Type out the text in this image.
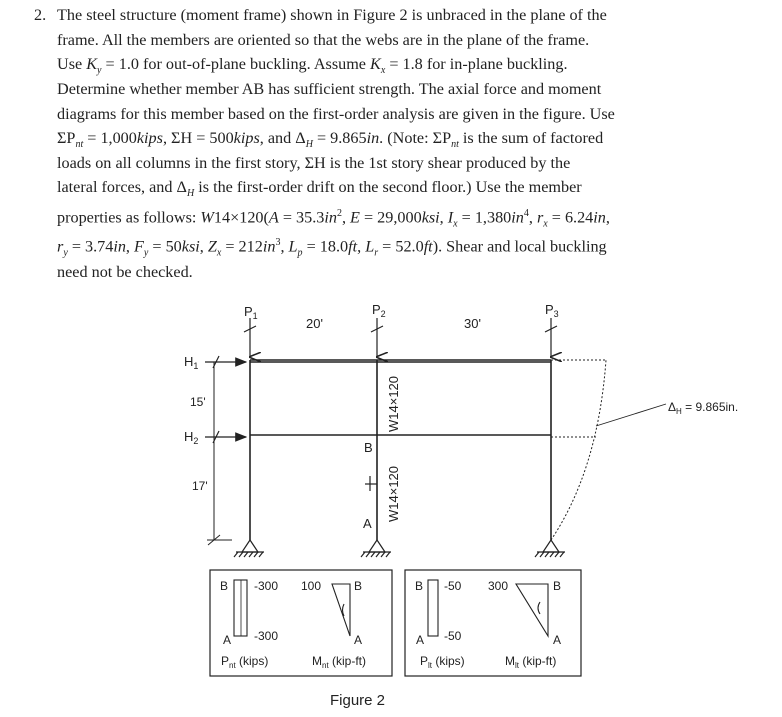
2. The steel structure (moment frame) shown in Figure 2 is unbraced in the plane of the
frame. All the members are oriented so that the webs are in the plane of the frame.
Use $K_y = 1.0$ for out-of-plane buckling. Assume $K_x = 1.8$ for in-plane buckling.
Determine whether member AB has sufficient strength. The axial force and moment
diagrams for this member based on the first-order analysis are given in the figure. Use
$\Sigma P_{nt}$ = 1,000kips, ΣH = 500kips, and $\Delta_H = 9.865in$. (Note: $\Sigma P_{nt}$ is the sum of factored
loads on all columns in the first story, ΣH is the 1st story shear produced by the
lateral forces, and $\Delta_H$ is the first-order drift on the second floor.) Use the member
properties as follows: $W14\times 120(A = 35.3in^2$, E = 29,000ksi, $I_x = 1,380in^4$, $r_x = 6.24in$,
$r_y = 3.74in$, $F_y = 50ksi$, $Z_x = 212in^3$, $L_p = 18.0ft$, $L_r = 52.0ft$). Shear and local buckling
need not be checked.
$P_1$	$P_2$	$P_3$
20'	30'
$H_1$
$H_2$
15'
17'
W14×120
W14×120
B
A
$\Delta_H = 9.865in$.
B -300
A -300
$P_{nt}$ (kips)
100	B
A
$M_{nt}$ (kip-ft)
B -50
A -50
$P_{lt}$ (kips)
300	B
A
$M_{lt}$ (kip-ft)
Figure 2
